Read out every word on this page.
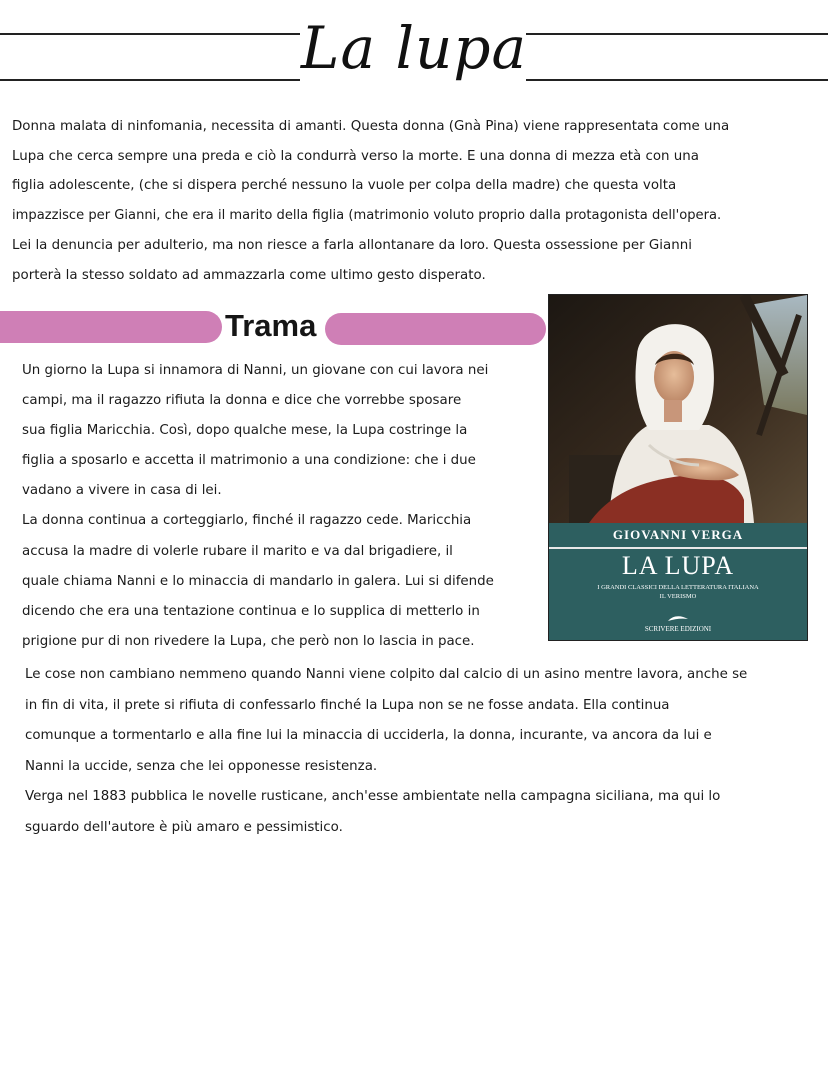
La lupa

Donna malata di ninfomania, necessita di amanti. Questa donna (Gnà Pina) viene rappresentata come una
Lupa che cerca sempre una preda e ciò la condurrà verso la morte. E una donna di mezza età con una
figlia adolescente, (che si dispera perché nessuno la vuole per colpa della madre) che questa volta
impazzisce per Gianni, che era il marito della figlia (matrimonio voluto proprio dalla protagonista dell'opera.
Lei la denuncia per adulterio, ma non riesce a farla allontanare da loro. Questa ossessione per Gianni
porterà la stesso soldato ad ammazzarla come ultimo gesto disperato.

Trama

Un giorno la Lupa si innamora di Nanni, un giovane con cui lavora nei
campi, ma il ragazzo rifiuta la donna e dice che vorrebbe sposare
sua figlia Maricchia. Così, dopo qualche mese, la Lupa costringe la
figlia a sposarlo e accetta il matrimonio a una condizione: che i due
vadano a vivere in casa di lei.
La donna continua a corteggiarlo, finché il ragazzo cede. Maricchia
accusa la madre di volerle rubare il marito e va dal brigadiere, il
quale chiama Nanni e lo minaccia di mandarlo in galera. Lui si difende
dicendo che era una tentazione continua e lo supplica di metterlo in
prigione pur di non rivedere la Lupa, che però non lo lascia in pace.

GIOVANNI VERGA
LA LUPA
I GRANDI CLASSICI DELLA LETTERATURA ITALIANA
IL VERISMO
SCRIVERE EDIZIONI

Le cose non cambiano nemmeno quando Nanni viene colpito dal calcio di un asino mentre lavora, anche se
in fin di vita, il prete si rifiuta di confessarlo finché la Lupa non se ne fosse andata. Ella continua
comunque a tormentarlo e alla fine lui la minaccia di ucciderla, la donna, incurante, va ancora da lui e
Nanni la uccide, senza che lei opponesse resistenza.
Verga nel 1883 pubblica le novelle rusticane, anch'esse ambientate nella campagna siciliana, ma qui lo
sguardo dell'autore è più amaro e pessimistico.
